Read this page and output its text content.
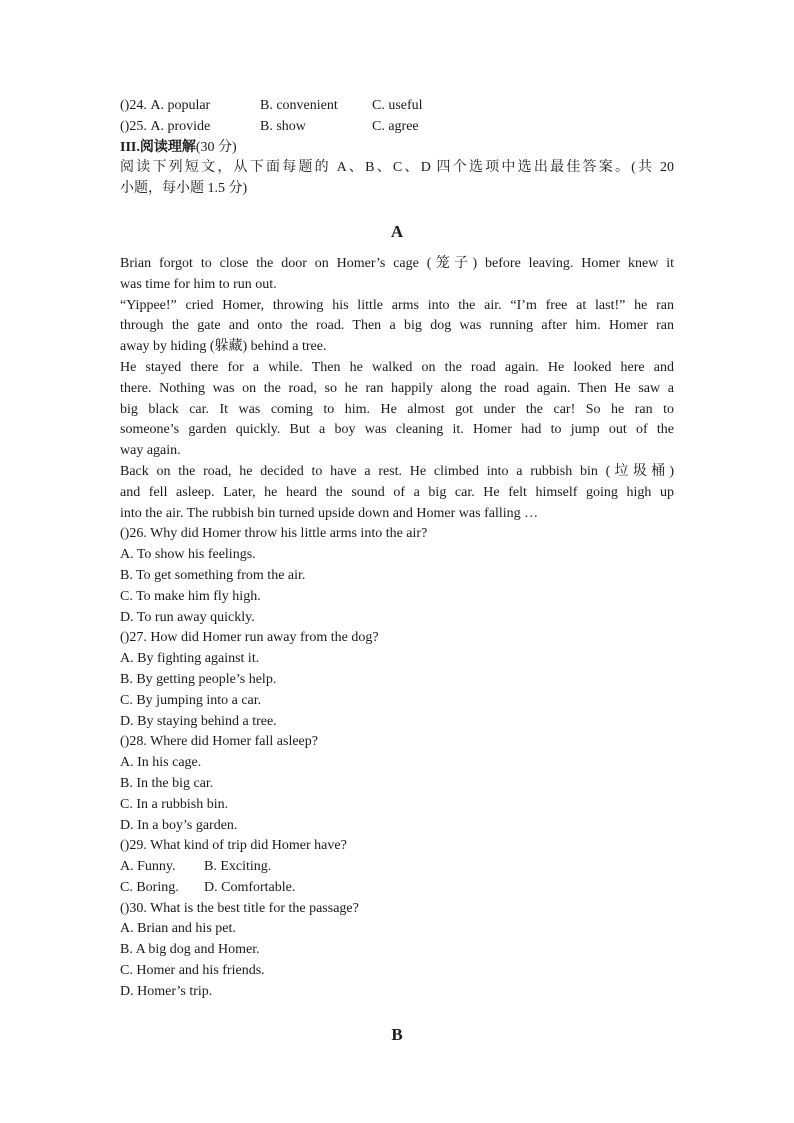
()24. A. popular	B. convenient C. useful
()25. A. provide	B. show	C. agree
III.阅读理解(30 分)
阅读下列短文，从下面每题的 A、B、C、D 四个选项中选出最佳答案。(共 20
小题，每小题 1.5 分)
A
Brian forgot to close the door on Homer’s cage (笼子) before leaving. Homer knew it
was time for him to run out.
“Yippee!” cried Homer, throwing his little arms into the air. “I’m free at last!” he ran
through the gate and onto the road. Then a big dog was running after him. Homer ran
away by hiding (躲藏) behind a tree.
He stayed there for a while. Then he walked on the road again. He looked here and
there. Nothing was on the road, so he ran happily along the road again. Then He saw a
big black car. It was coming to him. He almost got under the car! So he ran to
someone’s garden quickly. But a boy was cleaning it. Homer had to jump out of the
way again.
Back on the road, he decided to have a rest. He climbed into a rubbish bin (垃圾桶)
and fell asleep. Later, he heard the sound of a big car. He felt himself going high up
into the air. The rubbish bin turned upside down and Homer was falling …
()26. Why did Homer throw his little arms into the air?
A. To show his feelings.
B. To get something from the air.
C. To make him fly high.
D. To run away quickly.
()27. How did Homer run away from the dog?
A. By fighting against it.
B. By getting people’s help.
C. By jumping into a car.
D. By staying behind a tree.
()28. Where did Homer fall asleep?
A. In his cage.
B. In the big car.
C. In a rubbish bin.
D. In a boy’s garden.
()29. What kind of trip did Homer have?
A. Funny. B. Exciting.
C. Boring. D. Comfortable.
()30. What is the best title for the passage?
A. Brian and his pet.
B. A big dog and Homer.
C. Homer and his friends.
D. Homer’s trip.
B
